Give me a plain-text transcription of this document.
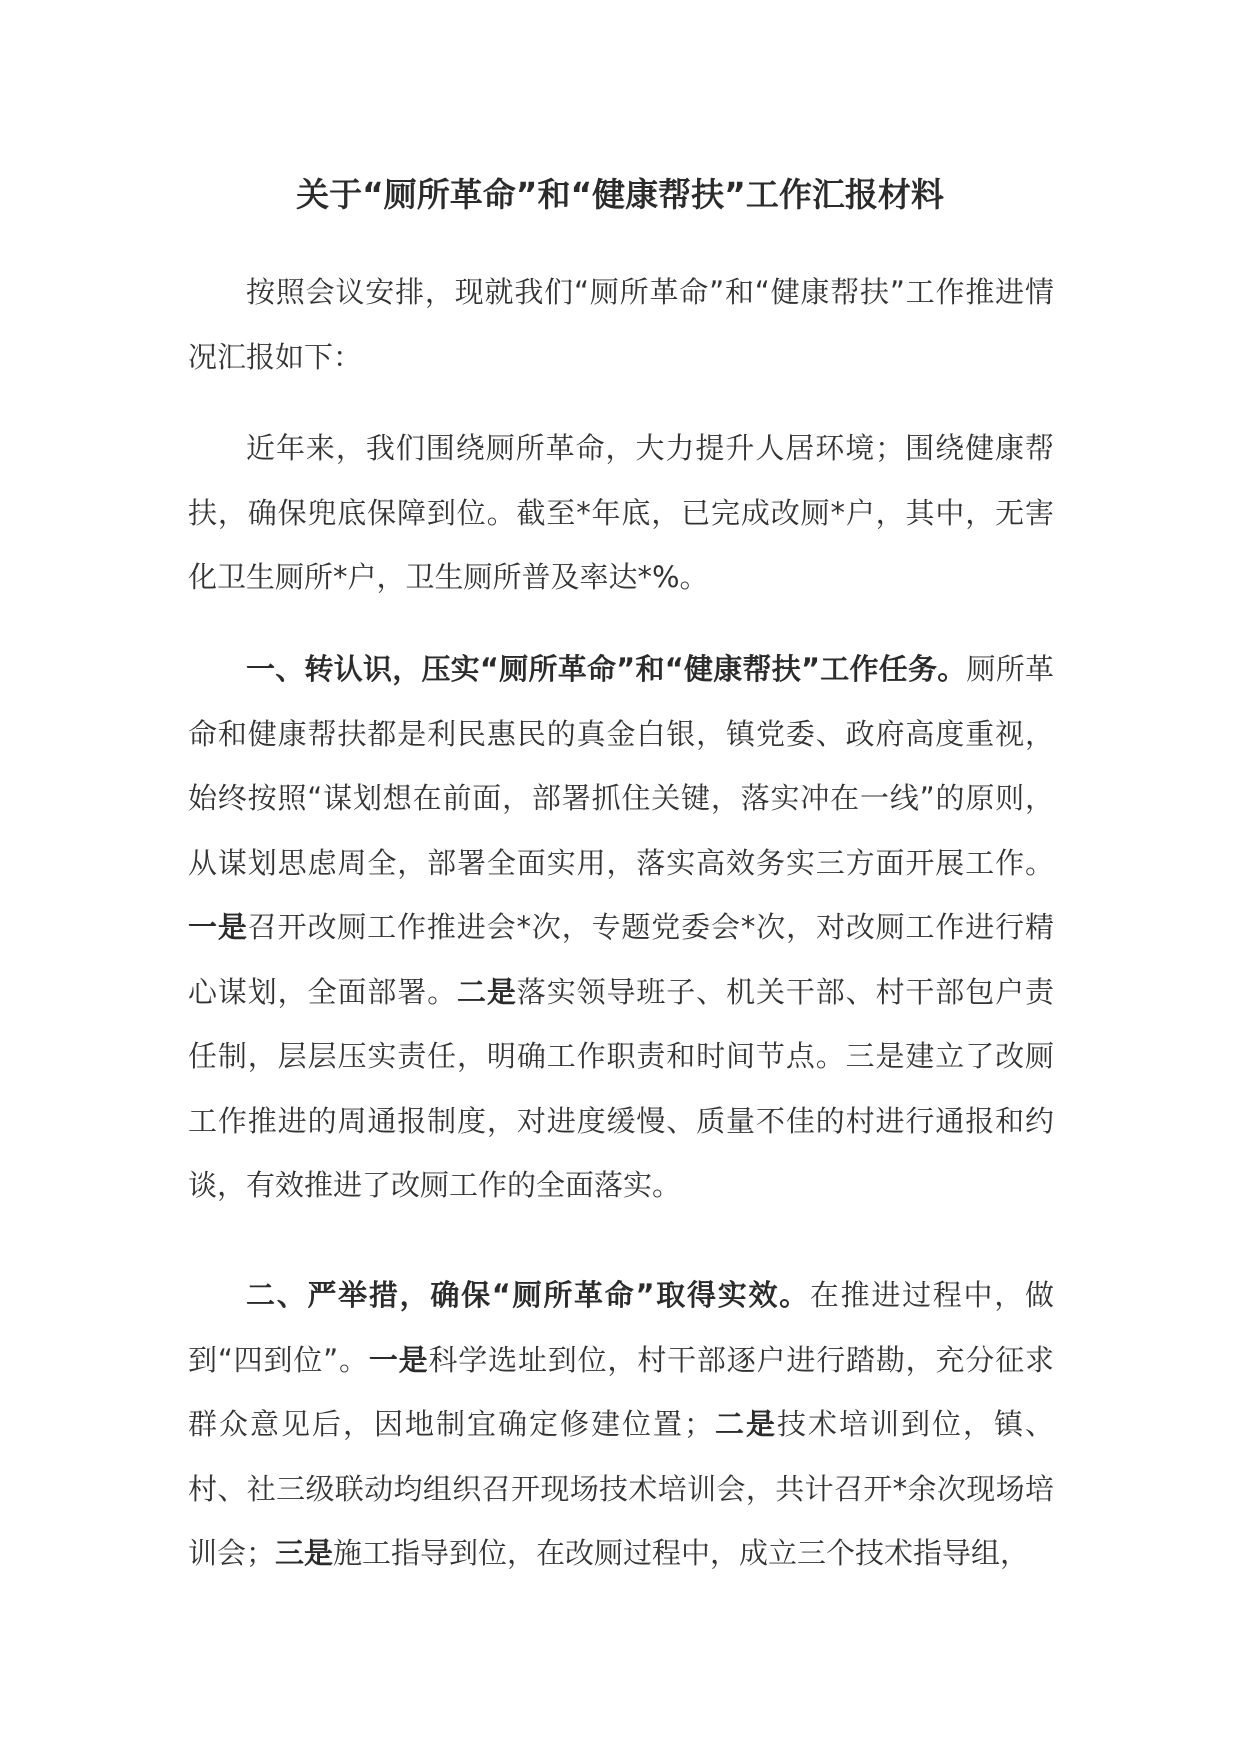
关于“厕所革命”和“健康帮扶”工作汇报材料

按照会议安排，现就我们“厕所革命”和“健康帮扶”工作推进情况汇报如下：

近年来，我们围绕厕所革命，大力提升人居环境；围绕健康帮扶，确保兜底保障到位。截至*年底，已完成改厕*户，其中，无害化卫生厕所*户，卫生厕所普及率达*%。

一、转认识，压实“厕所革命”和“健康帮扶”工作任务。厕所革命和健康帮扶都是利民惠民的真金白银，镇党委、政府高度重视，始终按照“谋划想在前面，部署抓住关键，落实冲在一线”的原则，从谋划思虑周全，部署全面实用，落实高效务实三方面开展工作。一是召开改厕工作推进会*次，专题党委会*次，对改厕工作进行精心谋划，全面部署。二是落实领导班子、机关干部、村干部包户责任制，层层压实责任，明确工作职责和时间节点。三是建立了改厕工作推进的周通报制度，对进度缓慢、质量不佳的村进行通报和约谈，有效推进了改厕工作的全面落实。

二、严举措，确保“厕所革命”取得实效。在推进过程中，做到“四到位”。一是科学选址到位，村干部逐户进行踏勘，充分征求群众意见后，因地制宜确定修建位置；二是技术培训到位，镇、村、社三级联动均组织召开现场技术培训会，共计召开*余次现场培训会；三是施工指导到位，在改厕过程中，成立三个技术指导组，
